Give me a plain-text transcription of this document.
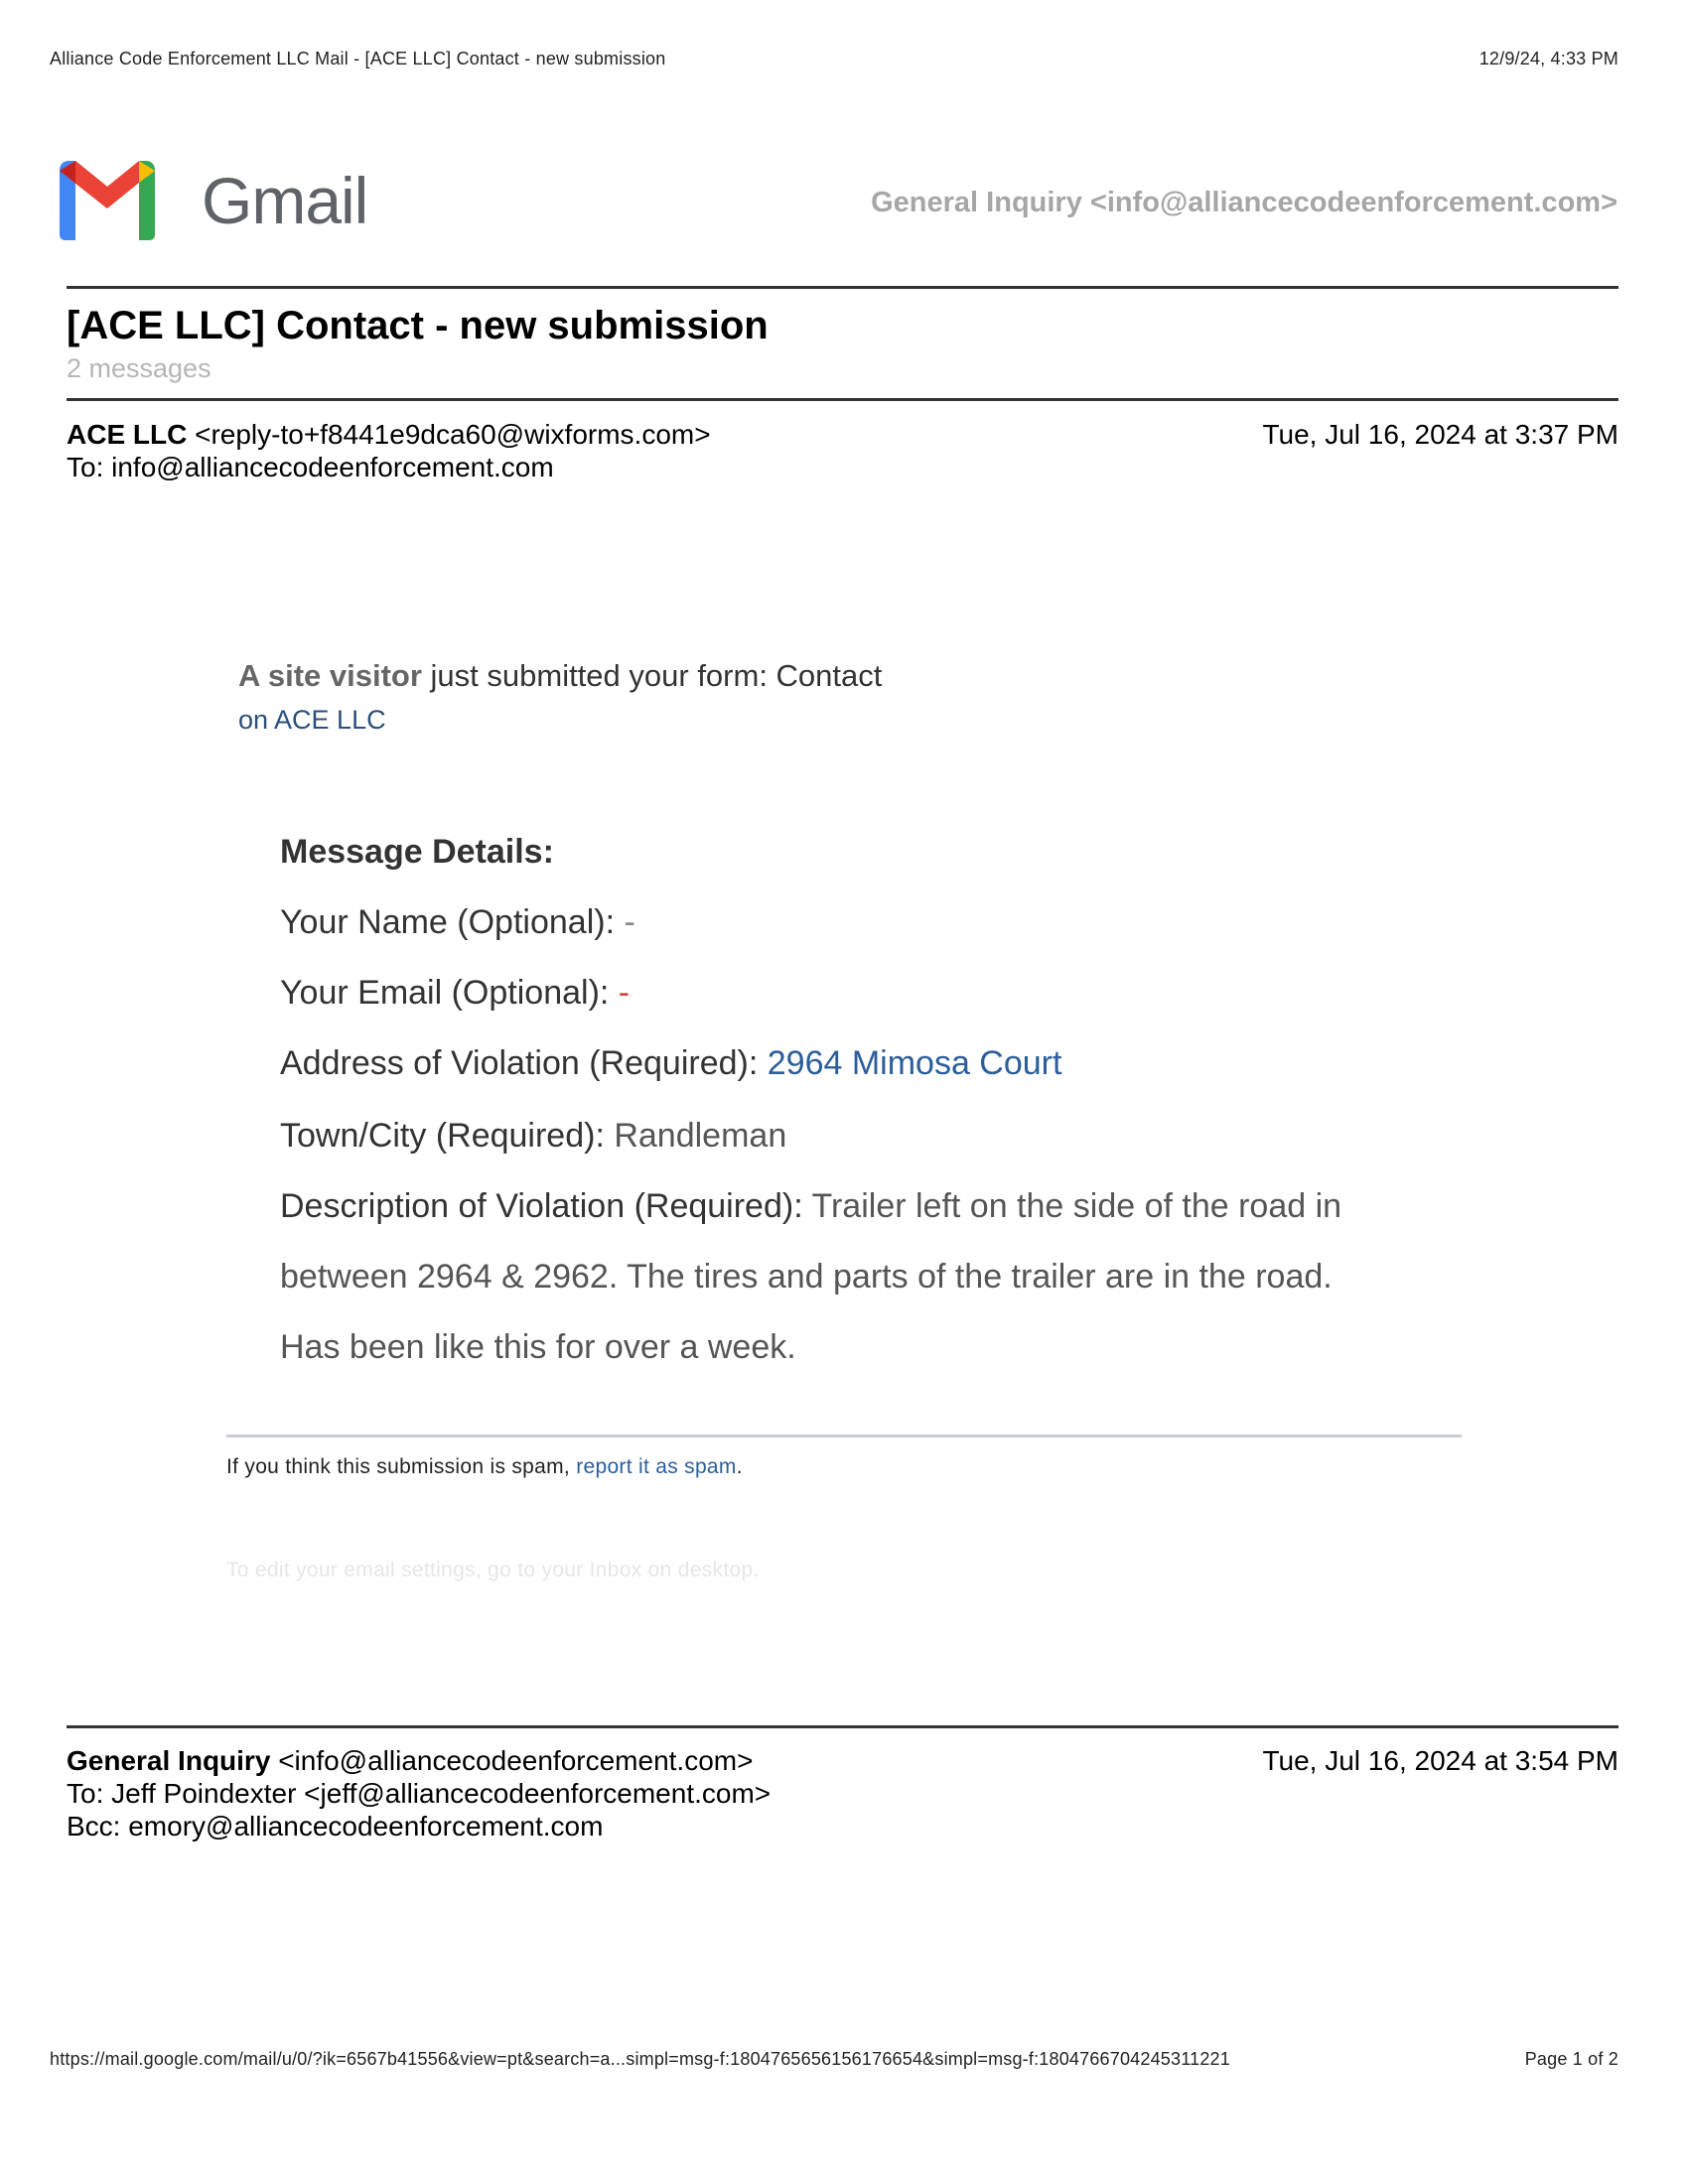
Alliance Code Enforcement LLC Mail - [ACE LLC] Contact - new submission	12/9/24, 4:33 PM
Gmail	General Inquiry <info@alliancecodeenforcement.com>
[ACE LLC] Contact - new submission
2 messages
ACE LLC <reply-to+f8441e9dca60@wixforms.com>
To: info@alliancecodeenforcement.com
Tue, Jul 16, 2024 at 3:37 PM
A site visitor just submitted your form: Contact
on ACE LLC
Message Details:
Your Name (Optional): -
Your Email (Optional): -
Address of Violation (Required): 2964 Mimosa Court
Town/City (Required): Randleman
Description of Violation (Required): Trailer left on the side of the road in
between 2964 & 2962. The tires and parts of the trailer are in the road.
Has been like this for over a week.
If you think this submission is spam, report it as spam.
To edit your email settings, go to your Inbox on desktop.
General Inquiry <info@alliancecodeenforcement.com>
To: Jeff Poindexter <jeff@alliancecodeenforcement.com>
Bcc: emory@alliancecodeenforcement.com
Tue, Jul 16, 2024 at 3:54 PM
https://mail.google.com/mail/u/0/?ik=6567b41556&view=pt&search=a...simpl=msg-f:1804765656156176654&simpl=msg-f:1804766704245311221	Page 1 of 2
